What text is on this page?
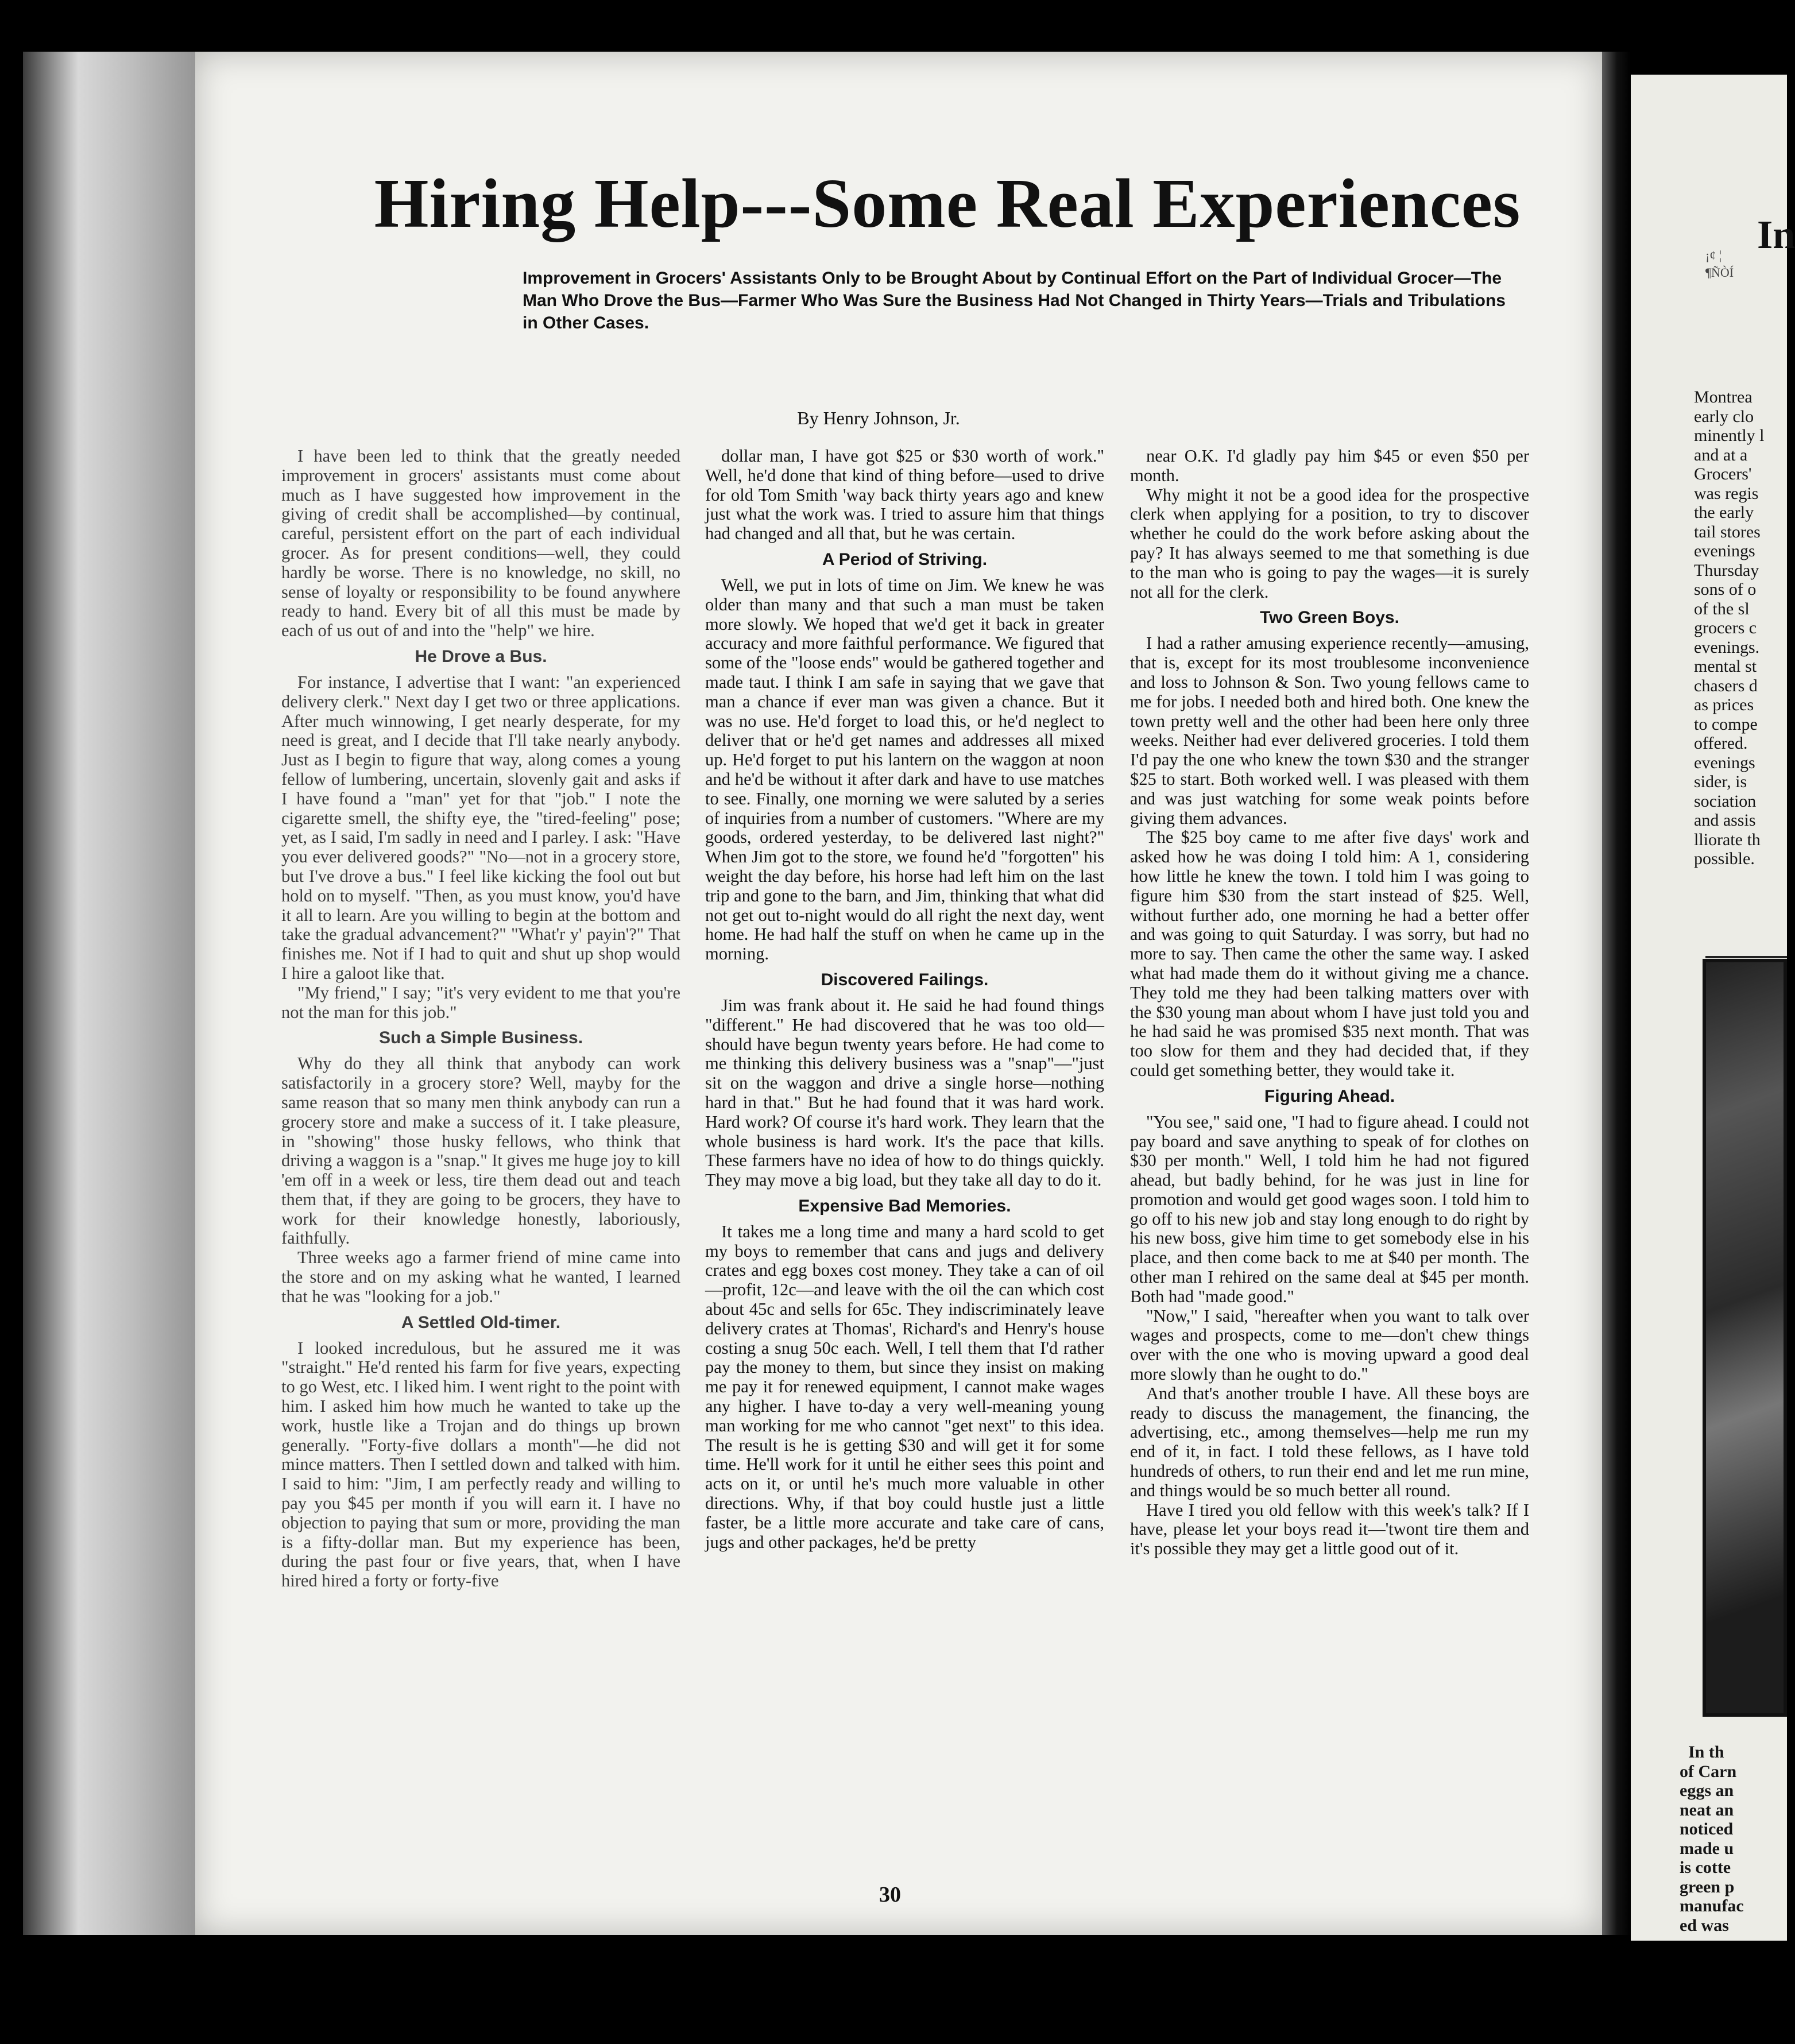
Hiring Help---Some Real Experiences
Improvement in Grocers' Assistants Only to be Brought About by Continual Effort on the Part of Individual Grocer—The Man Who Drove the Bus—Farmer Who Was Sure the Business Had Not Changed in Thirty Years—Trials and Tribulations in Other Cases.
By Henry Johnson, Jr.

I have been led to think that the greatly needed improvement in grocers' assistants must come about much as I have suggested how improvement in the giving of credit shall be accomplished—by continual, careful, persistent effort on the part of each individual grocer. As for present conditions—well, they could hardly be worse. There is no knowledge, no skill, no sense of loyalty or responsibility to be found anywhere ready to hand. Every bit of all this must be made by each of us out of and into the "help" we hire.

He Drove a Bus.

For instance, I advertise that I want: "an experienced delivery clerk." Next day I get two or three applications. After much winnowing, I get nearly desperate, for my need is great, and I decide that I'll take nearly anybody. Just as I begin to figure that way, along comes a young fellow of lumbering, uncertain, slovenly gait and asks if I have found a "man" yet for that "job." I note the cigarette smell, the shifty eye, the "tired-feeling" pose; yet, as I said, I'm sadly in need and I parley. I ask: "Have you ever delivered goods?" "No—not in a grocery store, but I've drove a bus." I feel like kicking the fool out but hold on to myself. "Then, as you must know, you'd have it all to learn. Are you willing to begin at the bottom and take the gradual advancement?" "What'r y' payin'?" That finishes me. Not if I had to quit and shut up shop would I hire a galoot like that.

"My friend," I say; "it's very evident to me that you're not the man for this job."

Such a Simple Business.

Why do they all think that anybody can work satisfactorily in a grocery store? Well, mayby for the same reason that so many men think anybody can run a grocery store and make a success of it. I take pleasure, in "showing" those husky fellows, who think that driving a waggon is a "snap." It gives me huge joy to kill 'em off in a week or less, tire them dead out and teach them that, if they are going to be grocers, they have to work for their knowledge honestly, laboriously, faithfully.

Three weeks ago a farmer friend of mine came into the store and on my asking what he wanted, I learned that he was "looking for a job."

A Settled Old-timer.

I looked incredulous, but he assured me it was "straight." He'd rented his farm for five years, expecting to go West, etc. I liked him. I went right to the point with him. I asked him how much he wanted to take up the work, hustle like a Trojan and do things up brown generally. "Forty-five dollars a month"—he did not mince matters. Then I settled down and talked with him. I said to him: "Jim, I am perfectly ready and willing to pay you $45 per month if you will earn it. I have no objection to paying that sum or more, providing the man is a fifty-dollar man. But my experience has been, during the past four or five years, that, when I have hired hired a forty or forty-five

dollar man, I have got $25 or $30 worth of work." Well, he'd done that kind of thing before—used to drive for old Tom Smith 'way back thirty years ago and knew just what the work was. I tried to assure him that things had changed and all that, but he was certain.

A Period of Striving.

Well, we put in lots of time on Jim. We knew he was older than many and that such a man must be taken more slowly. We hoped that we'd get it back in greater accuracy and more faithful performance. We figured that some of the "loose ends" would be gathered together and made taut. I think I am safe in saying that we gave that man a chance if ever man was given a chance. But it was no use. He'd forget to load this, or he'd neglect to deliver that or he'd get names and addresses all mixed up. He'd forget to put his lantern on the waggon at noon and he'd be without it after dark and have to use matches to see. Finally, one morning we were saluted by a series of inquiries from a number of customers. "Where are my goods, ordered yesterday, to be delivered last night?" When Jim got to the store, we found he'd "forgotten" his weight the day before, his horse had left him on the last trip and gone to the barn, and Jim, thinking that what did not get out to-night would do all right the next day, went home. He had half the stuff on when he came up in the morning.

Discovered Failings.

Jim was frank about it. He said he had found things "different." He had discovered that he was too old—should have begun twenty years before. He had come to me thinking this delivery business was a "snap"—"just sit on the waggon and drive a single horse—nothing hard in that." But he had found that it was hard work. Hard work? Of course it's hard work. They learn that the whole business is hard work. It's the pace that kills. These farmers have no idea of how to do things quickly. They may move a big load, but they take all day to do it.

Expensive Bad Memories.

It takes me a long time and many a hard scold to get my boys to remember that cans and jugs and delivery crates and egg boxes cost money. They take a can of oil—profit, 12c—and leave with the oil the can which cost about 45c and sells for 65c. They indiscriminately leave delivery crates at Thomas', Richard's and Henry's house costing a snug 50c each. Well, I tell them that I'd rather pay the money to them, but since they insist on making me pay it for renewed equipment, I cannot make wages any higher. I have to-day a very well-meaning young man working for me who cannot "get next" to this idea. The result is he is getting $30 and will get it for some time. He'll work for it until he either sees this point and acts on it, or until he's much more valuable in other directions. Why, if that boy could hustle just a little faster, be a little more accurate and take care of cans, jugs and other packages, he'd be pretty

near O.K. I'd gladly pay him $45 or even $50 per month.

Why might it not be a good idea for the prospective clerk when applying for a position, to try to discover whether he could do the work before asking about the pay? It has always seemed to me that something is due to the man who is going to pay the wages—it is surely not all for the clerk.

Two Green Boys.

I had a rather amusing experience recently—amusing, that is, except for its most troublesome inconvenience and loss to Johnson & Son. Two young fellows came to me for jobs. I needed both and hired both. One knew the town pretty well and the other had been here only three weeks. Neither had ever delivered groceries. I told them I'd pay the one who knew the town $30 and the stranger $25 to start. Both worked well. I was pleased with them and was just watching for some weak points before giving them advances.

The $25 boy came to me after five days' work and asked how he was doing I told him: A 1, considering how little he knew the town. I told him I was going to figure him $30 from the start instead of $25. Well, without further ado, one morning he had a better offer and was going to quit Saturday. I was sorry, but had no more to say. Then came the other the same way. I asked what had made them do it without giving me a chance. They told me they had been talking matters over with the $30 young man about whom I have just told you and he had said he was promised $35 next month. That was too slow for them and they had decided that, if they could get something better, they would take it.

Figuring Ahead.

"You see," said one, "I had to figure ahead. I could not pay board and save anything to speak of for clothes on $30 per month." Well, I told him he had not figured ahead, but badly behind, for he was just in line for promotion and would get good wages soon. I told him to go off to his new job and stay long enough to do right by his new boss, give him time to get somebody else in his place, and then come back to me at $40 per month. The other man I rehired on the same deal at $45 per month. Both had "made good."

"Now," I said, "hereafter when you want to talk over wages and prospects, come to me—don't chew things over with the one who is moving upward a good deal more slowly than he ought to do."

And that's another trouble I have. All these boys are ready to discuss the management, the financing, the advertising, etc., among themselves—help me run my end of it, in fact. I told these fellows, as I have told hundreds of others, to run their end and let me run mine, and things would be so much better all round.

Have I tired you old fellow with this week's talk? If I have, please let your boys read it—'twont tire them and it's possible they may get a little good out of it.

30
In
¡¢ ¦
¶ÑÒÍ
Montrea
early clo
minently l
and at a
Grocers'
was regis
the early
tail stores
evenings
Thursday
sons of o
of the sl
grocers c
evenings.
mental st
chasers d
as prices
to compe
offered.
evenings
sider, is
sociation
and assis
lliorate th
possible.
In th
of Carn
eggs an
neat an
noticed
made u
is cotte
green p
manufac
ed was
